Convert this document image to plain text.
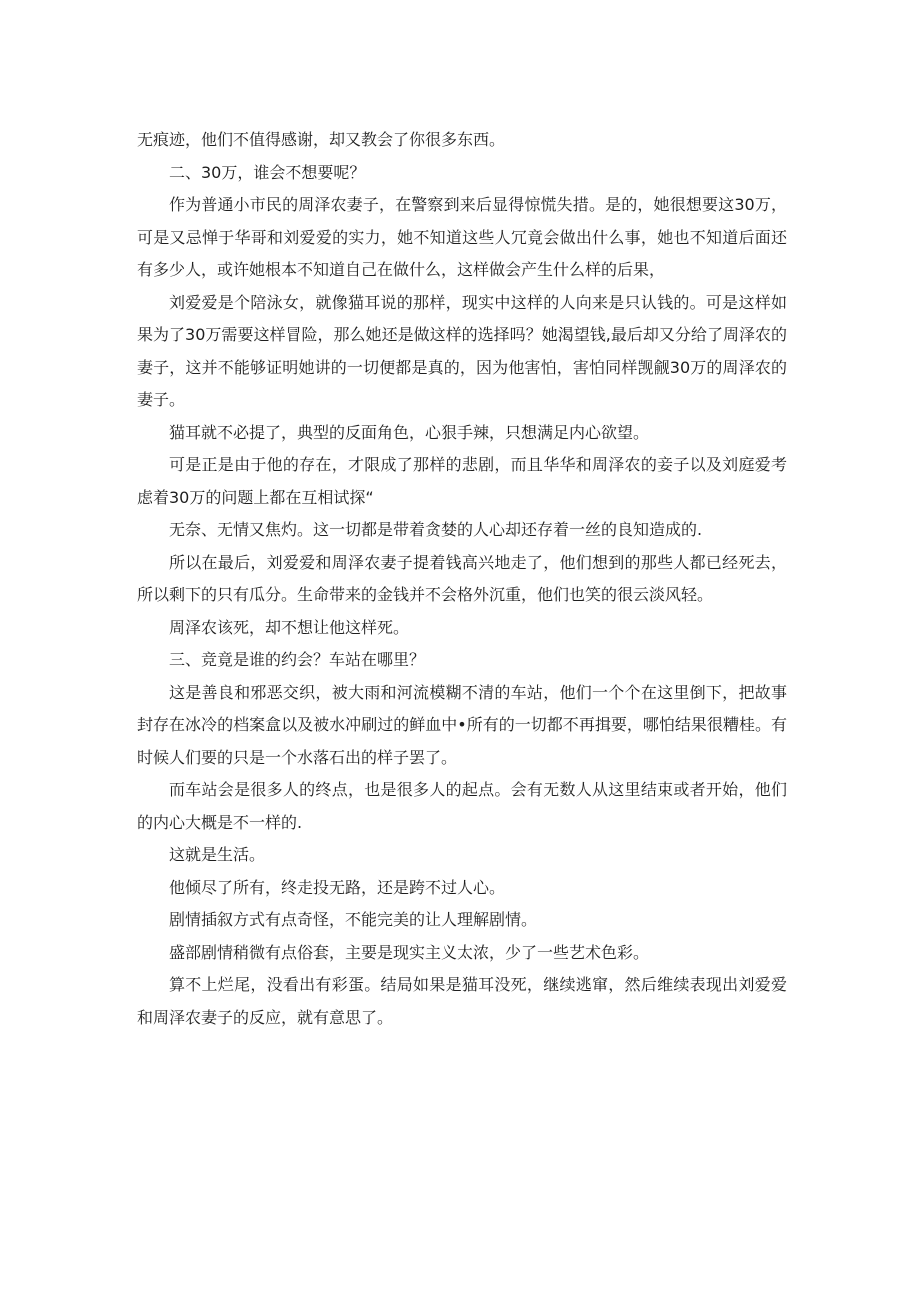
无痕迹，他们不值得感谢，却又教会了你很多东西。

二、30万，谁会不想要呢？

作为普通小市民的周泽农妻子，在警察到来后显得惊慌失措。是的，她很想要这30万，可是又忌惮于华哥和刘爱爱的实力，她不知道这些人冗竟会做出什么事，她也不知道后面还有多少人，或许她根本不知道自己在做什么，这样做会产生什么样的后果，

刘爱爱是个陪泳女，就像猫耳说的那样，现实中这样的人向来是只认钱的。可是这样如果为了30万需要这样冒险，那么她还是做这样的选择吗？她渴望钱,最后却又分给了周泽农的妻子，这并不能够证明她讲的一切便都是真的，因为他害怕，害怕同样觊觎30万的周泽农的妻子。

猫耳就不必提了，典型的反面角色，心狠手辣，只想满足内心欲望。

可是正是由于他的存在，才限成了那样的悲剧，而且华华和周泽农的妾子以及刘庭爱考虑着30万的问题上都在互相试探“

无奈、无情又焦灼。这一切都是带着贪婪的人心却还存着一丝的良知造成的.

所以在最后，刘爱爱和周泽农妻子提着钱高兴地走了，他们想到的那些人都已经死去，所以剩下的只有瓜分。生命带来的金钱并不会格外沉重，他们也笑的很云淡风轻。

周泽农该死，却不想让他这样死。

三、竞竟是谁的约会？车站在哪里？

这是善良和邪恶交织，被大雨和河流模糊不清的车站，他们一个个在这里倒下，把故事封存在冰冷的档案盒以及被水冲刷过的鲜血中•所有的一切都不再揖要，哪怕结果很糟桂。有时候人们要的只是一个水落石出的样子罢了。

而车站会是很多人的终点，也是很多人的起点。会有无数人从这里结束或者开始，他们的内心大概是不一样的.

这就是生活。

他倾尽了所有，终走投无路，还是跨不过人心。

剧情插叙方式有点奇怪，不能完美的让人理解剧情。

盛部剧情稍微有点俗套，主要是现实主义太浓，少了一些艺术色彩。

算不上烂尾，没看出有彩蛋。结局如果是猫耳没死，继续逃窜，然后维续表现出刘爱爱和周泽农妻子的反应，就有意思了。
